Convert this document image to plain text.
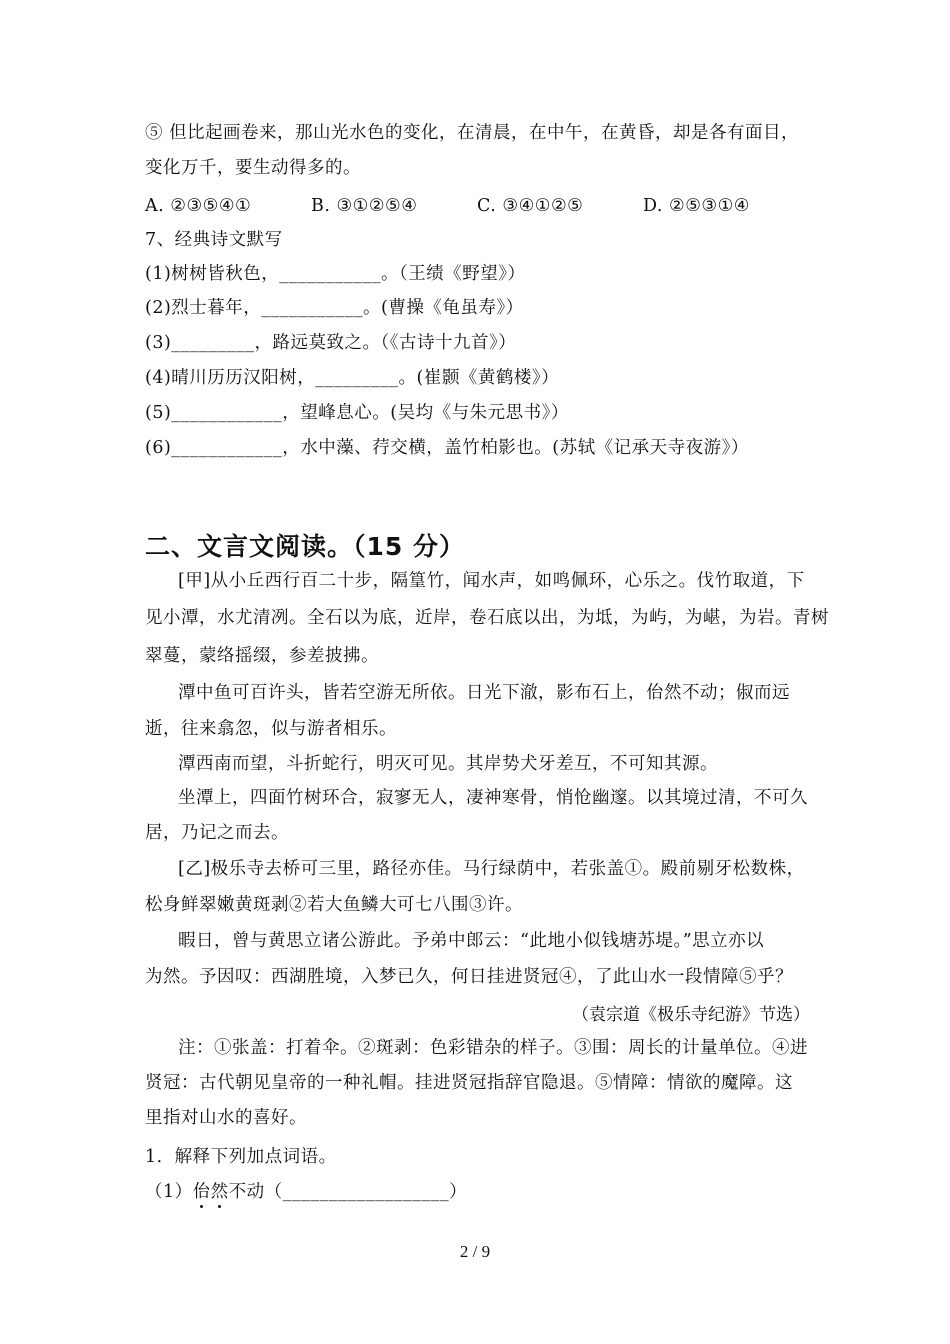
⑤ 但比起画卷来，那山光水色的变化，在清晨，在中午，在黄昏，却是各有面目，
变化万千，要生动得多的。
A. ②③⑤④①	B. ③①②⑤④	C. ③④①②⑤	D. ②⑤③①④
7、经典诗文默写
(1)树树皆秋色，___________。（王绩《野望》）
(2)烈士暮年，___________。(曹操《龟虽寿》）
(3)_________，路远莫致之。（《古诗十九首》）
(4)晴川历历汉阳树，_________。(崔颢《黄鹤楼》）
(5)____________，望峰息心。(吴均《与朱元思书》）
(6)____________，水中藻、荇交横，盖竹柏影也。(苏轼《记承天寺夜游》）
二、文言文阅读。（15 分）
[甲]从小丘西行百二十步，隔篁竹，闻水声，如鸣佩环，心乐之。伐竹取道，下
见小潭，水尤清冽。全石以为底，近岸，卷石底以出，为坻，为屿，为嵁，为岩。青树
翠蔓，蒙络摇缀，参差披拂。
潭中鱼可百许头，皆若空游无所依。日光下澈，影布石上，佁然不动；俶而远
逝，往来翕忽，似与游者相乐。
潭西南而望，斗折蛇行，明灭可见。其岸势犬牙差互，不可知其源。
坐潭上，四面竹树环合，寂寥无人，凄神寒骨，悄怆幽邃。以其境过清，不可久
居，乃记之而去。
[乙]极乐寺去桥可三里，路径亦佳。马行绿荫中，若张盖①。殿前剔牙松数株，
松身鲜翠嫩黄斑剥②若大鱼鳞大可七八围③许。
暇日，曾与黄思立诸公游此。予弟中郎云：“此地小似钱塘苏堤。”思立亦以
为然。予因叹：西湖胜境，入梦已久，何日挂进贤冠④，了此山水一段情障⑤乎？
（袁宗道《极乐寺纪游》节选）
注：①张盖：打着伞。②斑剥：色彩错杂的样子。③围：周长的计量单位。④进
贤冠：古代朝见皇帝的一种礼帽。挂进贤冠指辞官隐退。⑤情障：情欲的魔障。这
里指对山水的喜好。
1．解释下列加点词语。
（1）佁然不动（__________________）
2 / 9
